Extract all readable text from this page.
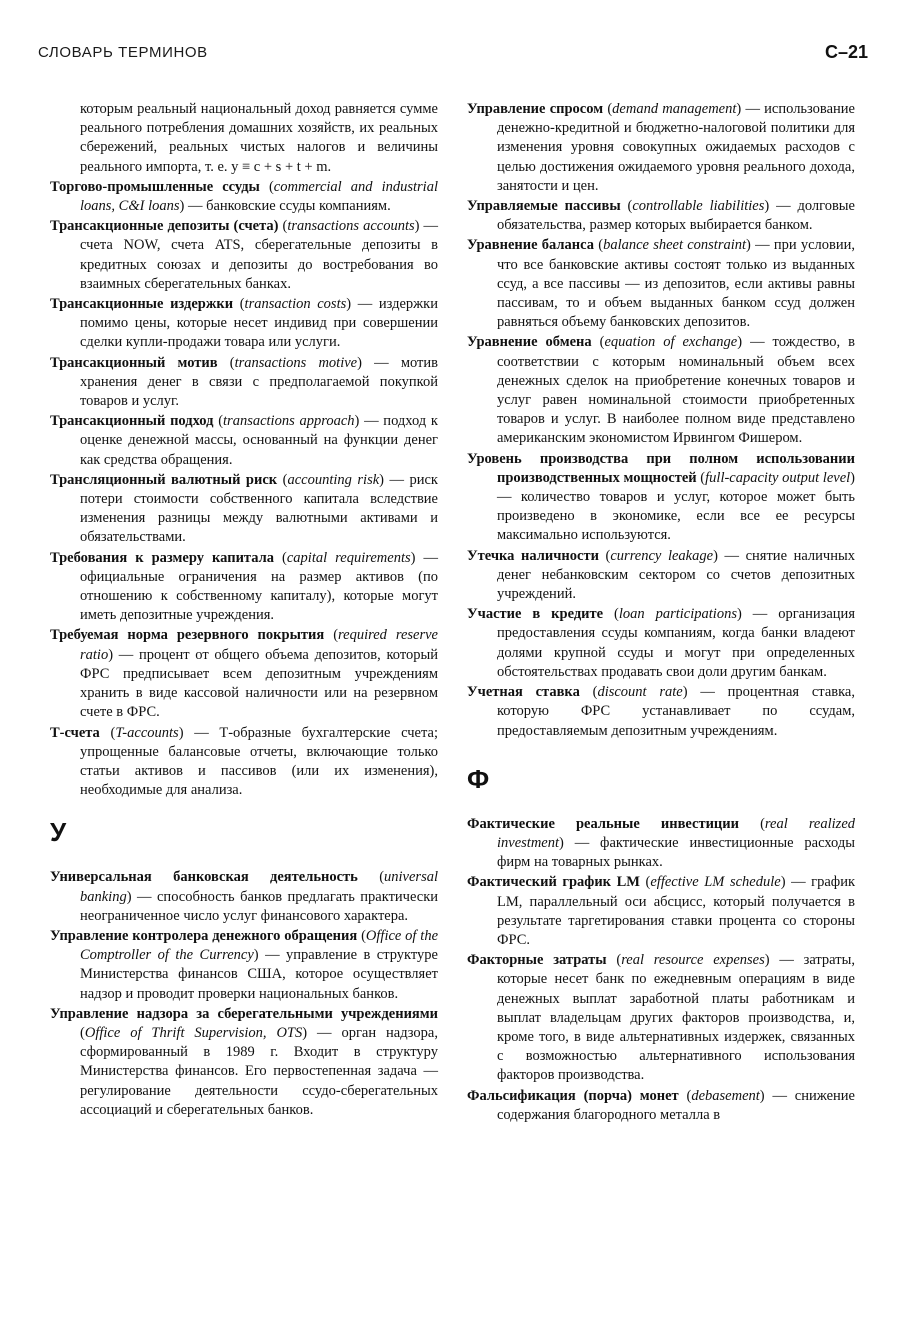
СЛОВАРЬ ТЕРМИНОВ	С–21

которым реальный национальный доход равняется сумме реального потребления домашних хозяйств, их реальных сбережений, реальных чистых налогов и величины реального импорта, т. е. y ≡ c + s + t + m.

Торгово-промышленные ссуды (commercial and industrial loans, C&I loans) — банковские ссуды компаниям.

Трансакционные депозиты (счета) (transactions accounts) — счета NOW, счета ATS, сберегательные депозиты в кредитных союзах и депозиты до востребования во взаимных сберегательных банках.

Трансакционные издержки (transaction costs) — издержки помимо цены, которые несет индивид при совершении сделки купли-продажи товара или услуги.

Трансакционный мотив (transactions motive) — мотив хранения денег в связи с предполагаемой покупкой товаров и услуг.

Трансакционный подход (transactions approach) — подход к оценке денежной массы, основанный на функции денег как средства обращения.

Трансляционный валютный риск (accounting risk) — риск потери стоимости собственного капитала вследствие изменения разницы между валютными активами и обязательствами.

Требования к размеру капитала (capital requirements) — официальные ограничения на размер активов (по отношению к собственному капиталу), которые могут иметь депозитные учреждения.

Требуемая норма резервного покрытия (required reserve ratio) — процент от общего объема депозитов, который ФРС предписывает всем депозитным учреждениям хранить в виде кассовой наличности или на резервном счете в ФРС.

Т-счета (T-accounts) — Т-образные бухгалтерские счета; упрощенные балансовые отчеты, включающие только статьи активов и пассивов (или их изменения), необходимые для анализа.

У

Универсальная банковская деятельность (universal banking) — способность банков предлагать практически неограниченное число услуг финансового характера.

Управление контролера денежного обращения (Office of the Comptroller of the Currency) — управление в структуре Министерства финансов США, которое осуществляет надзор и проводит проверки национальных банков.

Управление надзора за сберегательными учреждениями (Office of Thrift Supervision, OTS) — орган надзора, сформированный в 1989 г. Входит в структуру Министерства финансов. Его первостепенная задача — регулирование деятельности ссудо-сберегательных ассоциаций и сберегательных банков.

Управление спросом (demand management) — использование денежно-кредитной и бюджетно-налоговой политики для изменения уровня совокупных ожидаемых расходов с целью достижения ожидаемого уровня реального дохода, занятости и цен.

Управляемые пассивы (controllable liabilities) — долговые обязательства, размер которых выбирается банком.

Уравнение баланса (balance sheet constraint) — при условии, что все банковские активы состоят только из выданных ссуд, а все пассивы — из депозитов, если активы равны пассивам, то и объем выданных банком ссуд должен равняться объему банковских депозитов.

Уравнение обмена (equation of exchange) — тождество, в соответствии с которым номинальный объем всех денежных сделок на приобретение конечных товаров и услуг равен номинальной стоимости приобретенных товаров и услуг. В наиболее полном виде представлено американским экономистом Ирвингом Фишером.

Уровень производства при полном использовании производственных мощностей (full-capacity output level) — количество товаров и услуг, которое может быть произведено в экономике, если все ее ресурсы максимально используются.

Утечка наличности (currency leakage) — снятие наличных денег небанковским сектором со счетов депозитных учреждений.

Участие в кредите (loan participations) — организация предоставления ссуды компаниям, когда банки владеют долями крупной ссуды и могут при определенных обстоятельствах продавать свои доли другим банкам.

Учетная ставка (discount rate) — процентная ставка, которую ФРС устанавливает по ссудам, предоставляемым депозитным учреждениям.

Ф

Фактические реальные инвестиции (real realized investment) — фактические инвестиционные расходы фирм на товарных рынках.

Фактический график LM (effective LM schedule) — график LM, параллельный оси абсцисс, который получается в результате таргетирования ставки процента со стороны ФРС.

Факторные затраты (real resource expenses) — затраты, которые несет банк по ежедневным операциям в виде денежных выплат заработной платы работникам и выплат владельцам других факторов производства, и, кроме того, в виде альтернативных издержек, связанных с возможностью альтернативного использования факторов производства.

Фальсификация (порча) монет (debasement) — снижение содержания благородного металла в
